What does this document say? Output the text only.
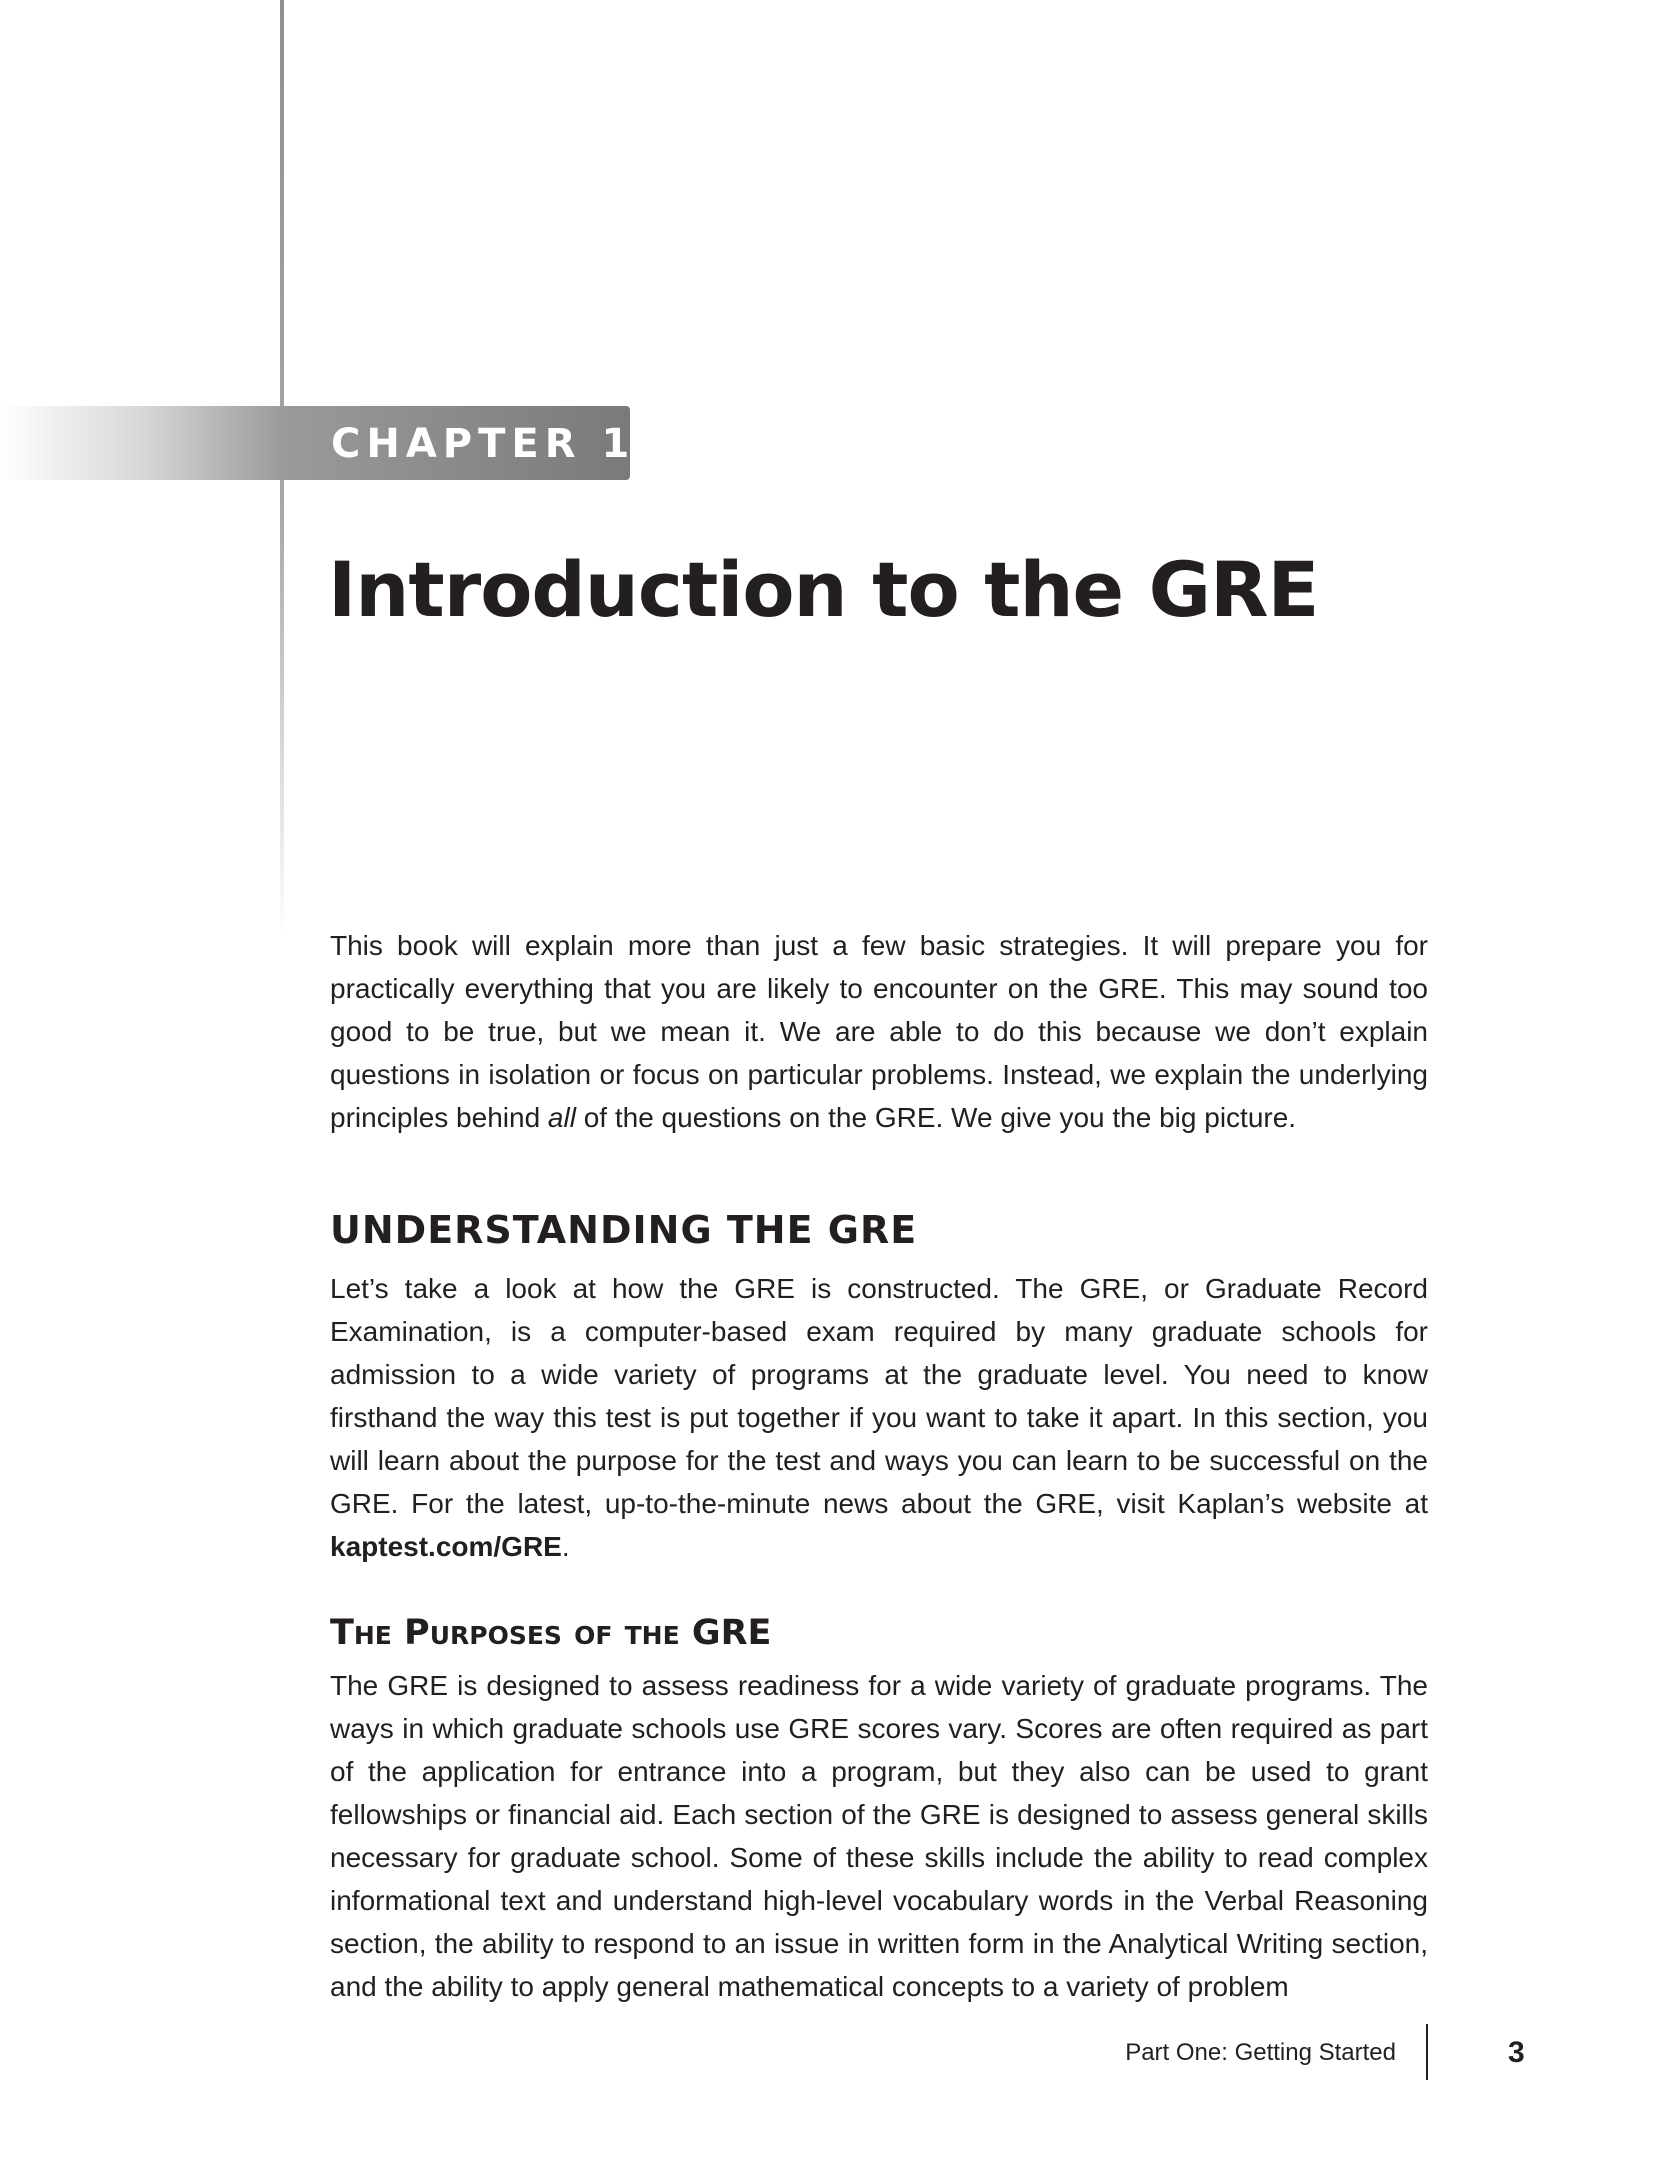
CHAPTER 1
Introduction to the GRE

This book will explain more than just a few basic strategies. It will prepare you for practically everything that you are likely to encounter on the GRE. This may sound too good to be true, but we mean it. We are able to do this because we don’t explain questions in isolation or focus on particular problems. Instead, we explain the underlying principles behind all of the questions on the GRE. We give you the big picture.

UNDERSTANDING THE GRE

Let’s take a look at how the GRE is constructed. The GRE, or Graduate Record Examination, is a computer-based exam required by many graduate schools for admission to a wide variety of programs at the graduate level. You need to know firsthand the way this test is put together if you want to take it apart. In this section, you will learn about the purpose for the test and ways you can learn to be successful on the GRE. For the latest, up-to-the-minute news about the GRE, visit Kaplan’s website at kaptest.com/GRE.

The Purposes of the GRE

The GRE is designed to assess readiness for a wide variety of graduate programs. The ways in which graduate schools use GRE scores vary. Scores are often required as part of the application for entrance into a program, but they also can be used to grant fellowships or financial aid. Each section of the GRE is designed to assess general skills necessary for graduate school. Some of these skills include the ability to read complex informational text and understand high-level vocabulary words in the Verbal Reasoning section, the ability to respond to an issue in written form in the Analytical Writing section, and the ability to apply general mathematical concepts to a variety of problem

Part One: Getting Started	3
